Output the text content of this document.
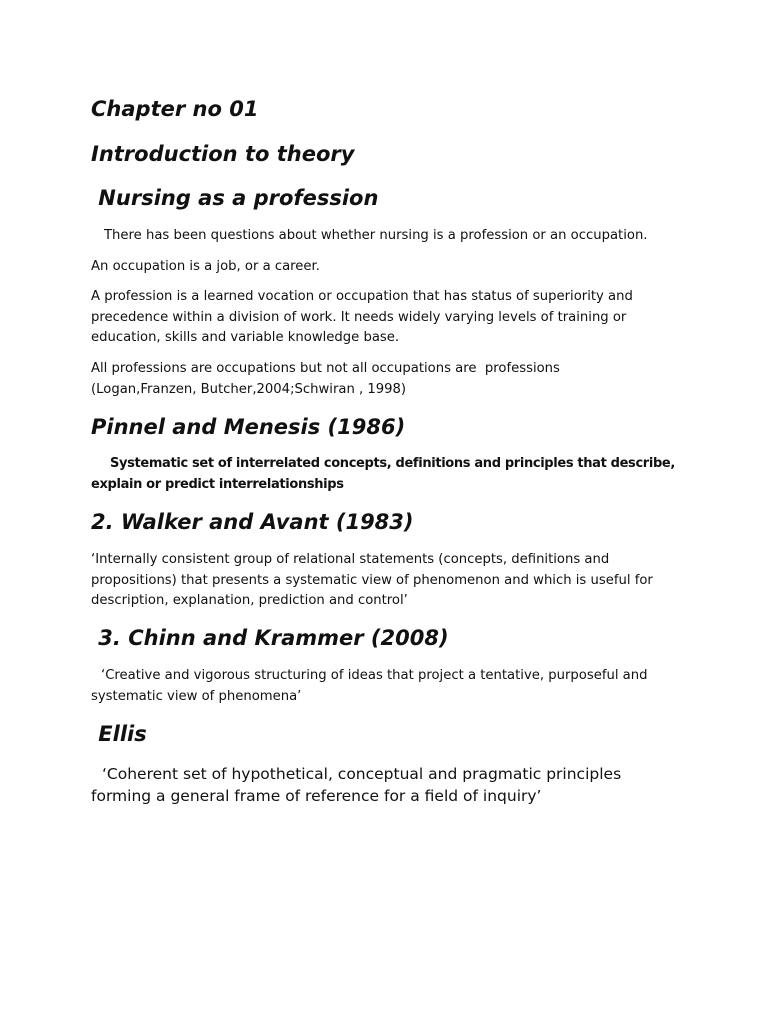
Chapter no 01
Introduction to theory
Nursing as a profession
There has been questions about whether nursing is a profession or an occupation.
An occupation is a job, or a career.
A profession is a learned vocation or occupation that has status of superiority and precedence within a division of work. It needs widely varying levels of training or education, skills and variable knowledge base.
All professions are occupations but not all occupations are  professions (Logan,Franzen, Butcher,2004;Schwiran , 1998)
Pinnel and Menesis (1986)
Systematic set of interrelated concepts, definitions and principles that describe, explain or predict interrelationships
2. Walker and Avant (1983)
‘Internally consistent group of relational statements (concepts, definitions and propositions) that presents a systematic view of phenomenon and which is useful for description, explanation, prediction and control’
3. Chinn and Krammer (2008)
‘Creative and vigorous structuring of ideas that project a tentative, purposeful and systematic view of phenomena’
Ellis
‘Coherent set of hypothetical, conceptual and pragmatic principles forming a general frame of reference for a field of inquiry’
